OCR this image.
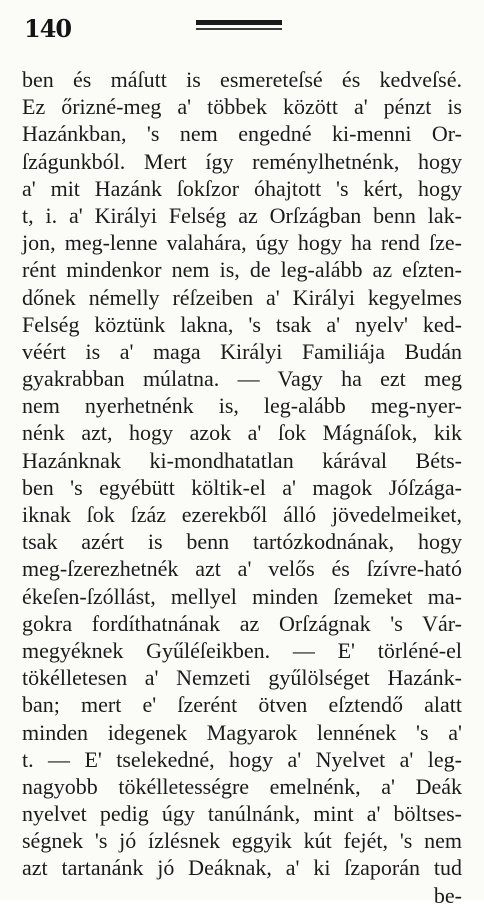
140
ben és máſutt is esmereteſsé és kedveſsé.
Ez őrizné-meg a' többek között a' pénzt is
Hazánkban, 's nem engedné ki-menni Or-
ſzágunkból. Mert így reménylhetnénk, hogy
a' mit Hazánk ſokſzor óhajtott 's kért, hogy
t, i. a' Királyi Felség az Orſzágban benn lak-
jon, meg-lenne valahára, úgy hogy ha rend ſze-
rént mindenkor nem is, de leg-alább az eſzten-
dőnek némelly réſzeiben a' Királyi kegyelmes
Felség köztünk lakna, 's tsak a' nyelv' ked-
véért is a' maga Királyi Familiája Budán
gyakrabban múlatna. — Vagy ha ezt meg
nem nyerhetnénk is, leg-alább meg-nyer-
nénk azt, hogy azok a' ſok Mágnáſok, kik
Hazánknak ki-mondhatatlan kárával Béts-
ben 's egyébütt költik-el a' magok Jóſzága-
iknak ſok ſzáz ezerekből álló jövedelmeiket,
tsak azért is benn tartózkodnának, hogy
meg-ſzerezhetnék azt a' velős és ſzívre-ható
ékeſen-ſzóllást, mellyel minden ſzemeket ma-
gokra fordíthatnának az Orſzágnak 's Vár-
megyéknek Gyűléſeikben. — E' törléné-el
tökélletesen a' Nemzeti gyűlölséget Hazánk-
ban; mert e' ſzerént ötven eſztendő alatt
minden idegenek Magyarok lennének 's a'
t. — E' tselekedné, hogy a' Nyelvet a' leg-
nagyobb tökélletességre emelnénk, a' Deák
nyelvet pedig úgy tanúlnánk, mint a' böltses-
ségnek 's jó ízlésnek eggyik kút fejét, 's nem
azt tartanánk jó Deáknak, a' ki ſzaporán tud
be-
